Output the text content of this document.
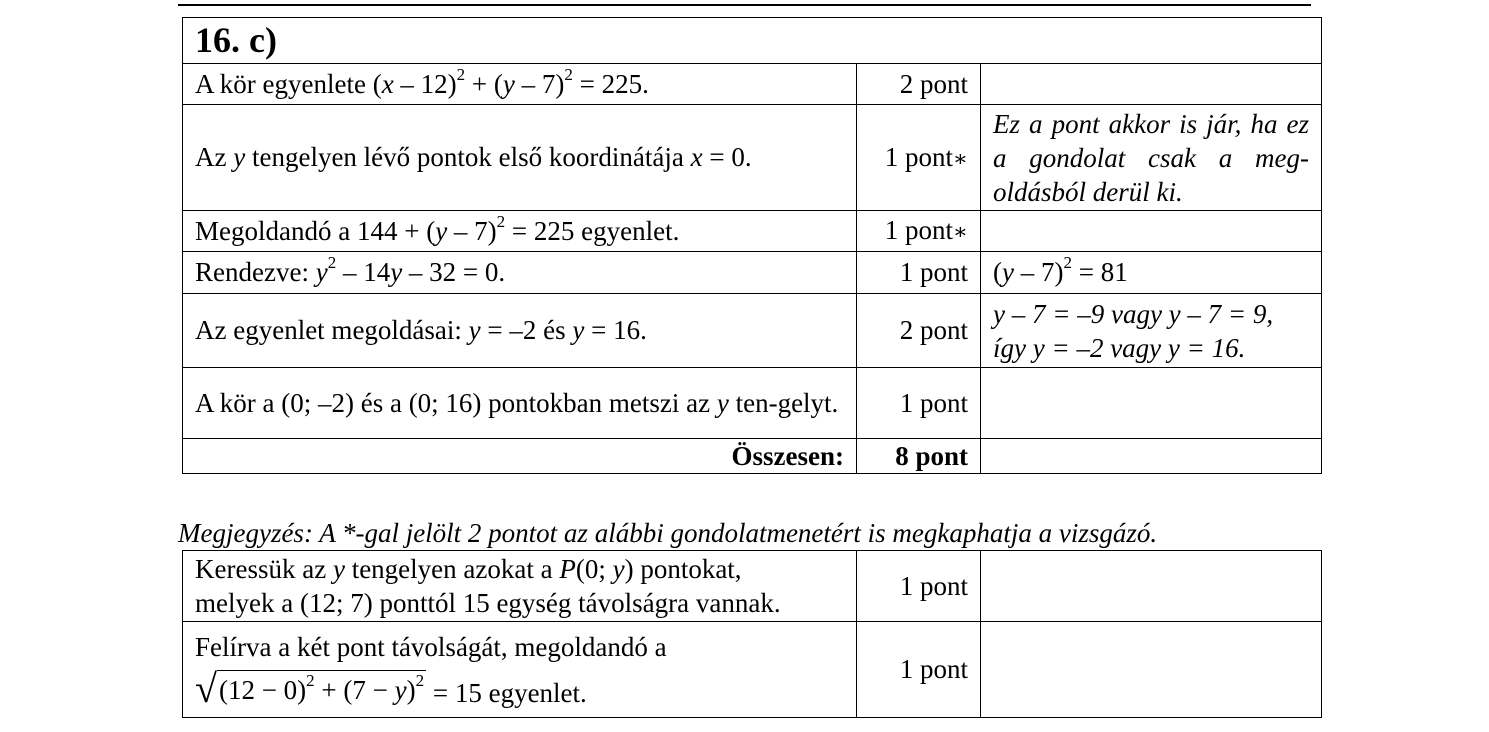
16. c)		
A kör egyenlete (x – 12)$^2$ + (y – 7)$^2$ = 225.	2 pont	
Az y tengelyen lévő pontok első koordinátája x = 0.	1 pont∗	Ez a pont akkor is jár, ha ez a gondolat csak a meg-oldásból derül ki.
Megoldandó a 144 + (y – 7)$^2$ = 225 egyenlet.	1 pont∗	
Rendezve: $y^2 - 14y - 32 = 0$.	1 pont	(y – 7)$^2$ = 81
Az egyenlet megoldásai: y = –2 és y = 16.	2 pont	y – 7 = –9 vagy y – 7 = 9,
így y = –2 vagy y = 16.

A kör a (0; –2) és a (0; 16) pontokban metszi az y ten-gelyt.	1 pont	
Összesen:	8 pont	
Megjegyzés: A *-gal jelölt 2 pontot az alábbi gondolatmenetért is megkaphatja a vizsgázó.
Keressük az y tengelyen azokat a P(0; y) pontokat,
melyek a (12; 7) ponttól 15 egység távolságra vannak.	1 pont	

Felírva a két pont távolságát, megoldandó a
√ $(12 - 0)^2 + (7 - y)^2 = 15$ egyenlet.	1 pont	
